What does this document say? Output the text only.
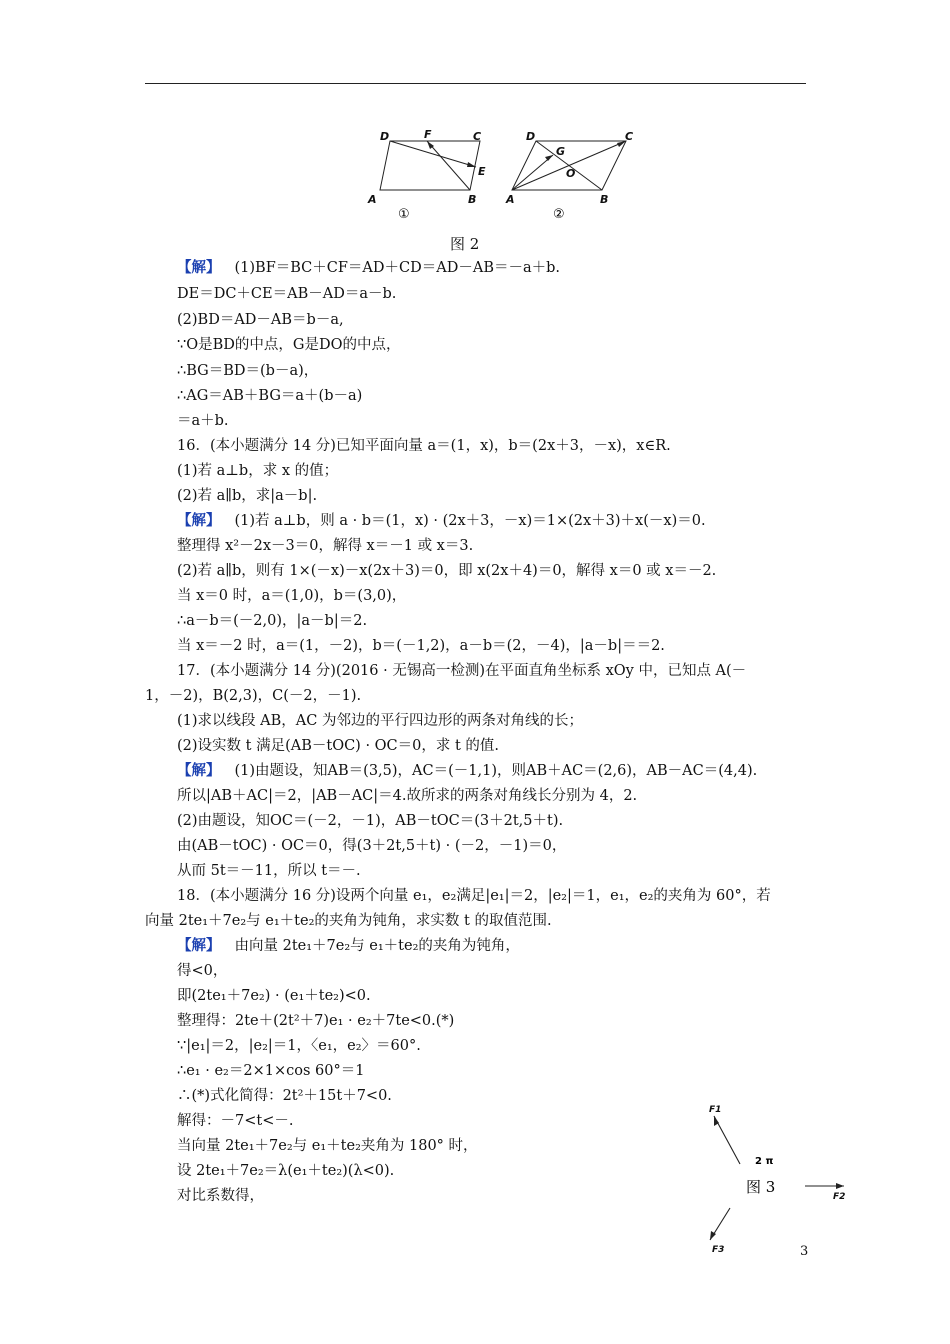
D	F	C
E
A	B
D
G
C
O
A	B
①	②
图 2
【解】 (1)BF＝BC＋CF＝AD＋CD＝AD－AB＝－a＋b.
DE＝DC＋CE＝AB－AD＝a－b.
(2)BD＝AD－AB＝b－a,
∵O是BD的中点，G是DO的中点，
∴BG＝BD＝(b－a)，
∴AG＝AB＋BG＝a＋(b－a)
＝a＋b.
16．(本小题满分 14 分)已知平面向量 a＝(1，x)，b＝(2x＋3，－x)，x∈R.
(1)若 a⊥b，求 x 的值；
(2)若 a∥b，求|a－b|.
【解】 (1)若 a⊥b，则 a · b＝(1，x) · (2x＋3，－x)＝1×(2x＋3)＋x(－x)＝0.
整理得 x²－2x－3＝0，解得 x＝－1 或 x＝3.
(2)若 a∥b，则有 1×(－x)－x(2x＋3)＝0，即 x(2x＋4)＝0，解得 x＝0 或 x＝－2.
当 x＝0 时，a＝(1,0)，b＝(3,0)，
∴a－b＝(－2,0)，|a－b|＝2.
当 x＝－2 时，a＝(1，－2)，b＝(－1,2)，a－b＝(2，－4)，|a－b|＝＝2.
17．(本小题满分 14 分)(2016 · 无锡高一检测)在平面直角坐标系 xOy 中，已知点 A(－
1，－2)，B(2,3)，C(－2，－1).
(1)求以线段 AB，AC 为邻边的平行四边形的两条对角线的长；
(2)设实数 t 满足(AB－tOC) · OC＝0，求 t 的值.
【解】 (1)由题设，知AB＝(3,5)，AC＝(－1,1)，则AB＋AC＝(2,6)，AB－AC＝(4,4).
所以|AB＋AC|＝2，|AB－AC|＝4.故所求的两条对角线长分别为 4，2.
(2)由题设，知OC＝(－2，－1)，AB－tOC＝(3＋2t,5＋t).
由(AB－tOC) · OC＝0，得(3＋2t,5＋t) · (－2，－1)＝0，
从而 5t＝－11，所以 t＝－.
18．(本小题满分 16 分)设两个向量 e₁，e₂满足|e₁|＝2，|e₂|＝1，e₁，e₂的夹角为 60°，若
向量 2te₁＋7e₂与 e₁＋te₂的夹角为钝角，求实数 t 的取值范围.
【解】 由向量 2te₁＋7e₂与 e₁＋te₂的夹角为钝角，
得<0，
即(2te₁＋7e₂) · (e₁＋te₂)<0.
整理得：2te＋(2t²＋7)e₁ · e₂＋7te<0.(*)
∵|e₁|＝2，|e₂|＝1，〈e₁，e₂〉＝60°.
∴e₁ · e₂＝2×1×cos 60°＝1
∴(*)式化简得：2t²＋15t＋7<0.
解得：－7<t<－.
当向量 2te₁＋7e₂与 e₁＋te₂夹角为 180° 时，
设 2te₁＋7e₂＝λ(e₁＋te₂)(λ<0).
对比系数得，
F1
F2
F3
2 π
图 3
3
